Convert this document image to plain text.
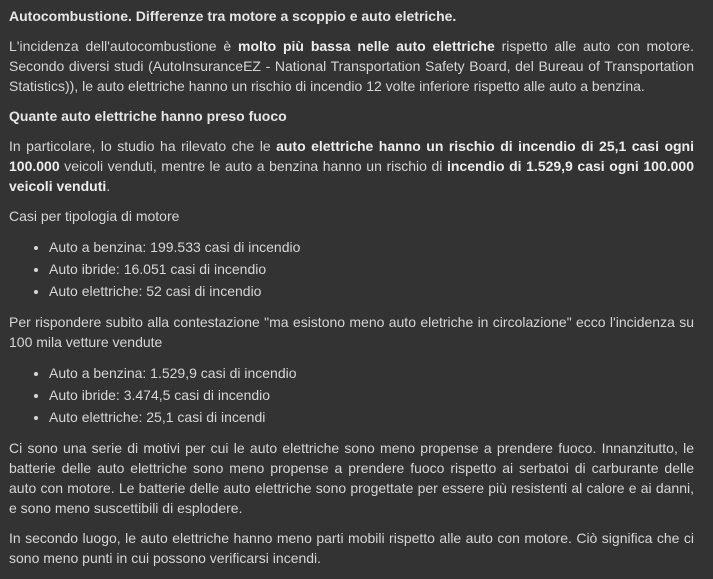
Autocombustione. Differenze tra motore a scoppio e auto eletriche.

L'incidenza dell'autocombustione è molto più bassa nelle auto elettriche rispetto alle auto con motore. Secondo diversi studi (AutoInsuranceEZ - National Transportation Safety Board, del Bureau of Transportation Statistics)), le auto elettriche hanno un rischio di incendio 12 volte inferiore rispetto alle auto a benzina.

Quante auto elettriche hanno preso fuoco

In particolare, lo studio ha rilevato che le auto elettriche hanno un rischio di incendio di 25,1 casi ogni 100.000 veicoli venduti, mentre le auto a benzina hanno un rischio di incendio di 1.529,9 casi ogni 100.000 veicoli venduti.

Casi per tipologia di motore

• Auto a benzina: 199.533 casi di incendio
• Auto ibride: 16.051 casi di incendio
• Auto elettriche: 52 casi di incendio

Per rispondere subito alla contestazione "ma esistono meno auto eletriche in circolazione" ecco l'incidenza su 100 mila vetture vendute

• Auto a benzina: 1.529,9 casi di incendio
• Auto ibride: 3.474,5 casi di incendio
• Auto elettriche: 25,1 casi di incendi

Ci sono una serie di motivi per cui le auto elettriche sono meno propense a prendere fuoco. Innanzitutto, le batterie delle auto elettriche sono meno propense a prendere fuoco rispetto ai serbatoi di carburante delle auto con motore. Le batterie delle auto elettriche sono progettate per essere più resistenti al calore e ai danni, e sono meno suscettibili di esplodere.

In secondo luogo, le auto elettriche hanno meno parti mobili rispetto alle auto con motore. Ciò significa che ci sono meno punti in cui possono verificarsi incendi.
